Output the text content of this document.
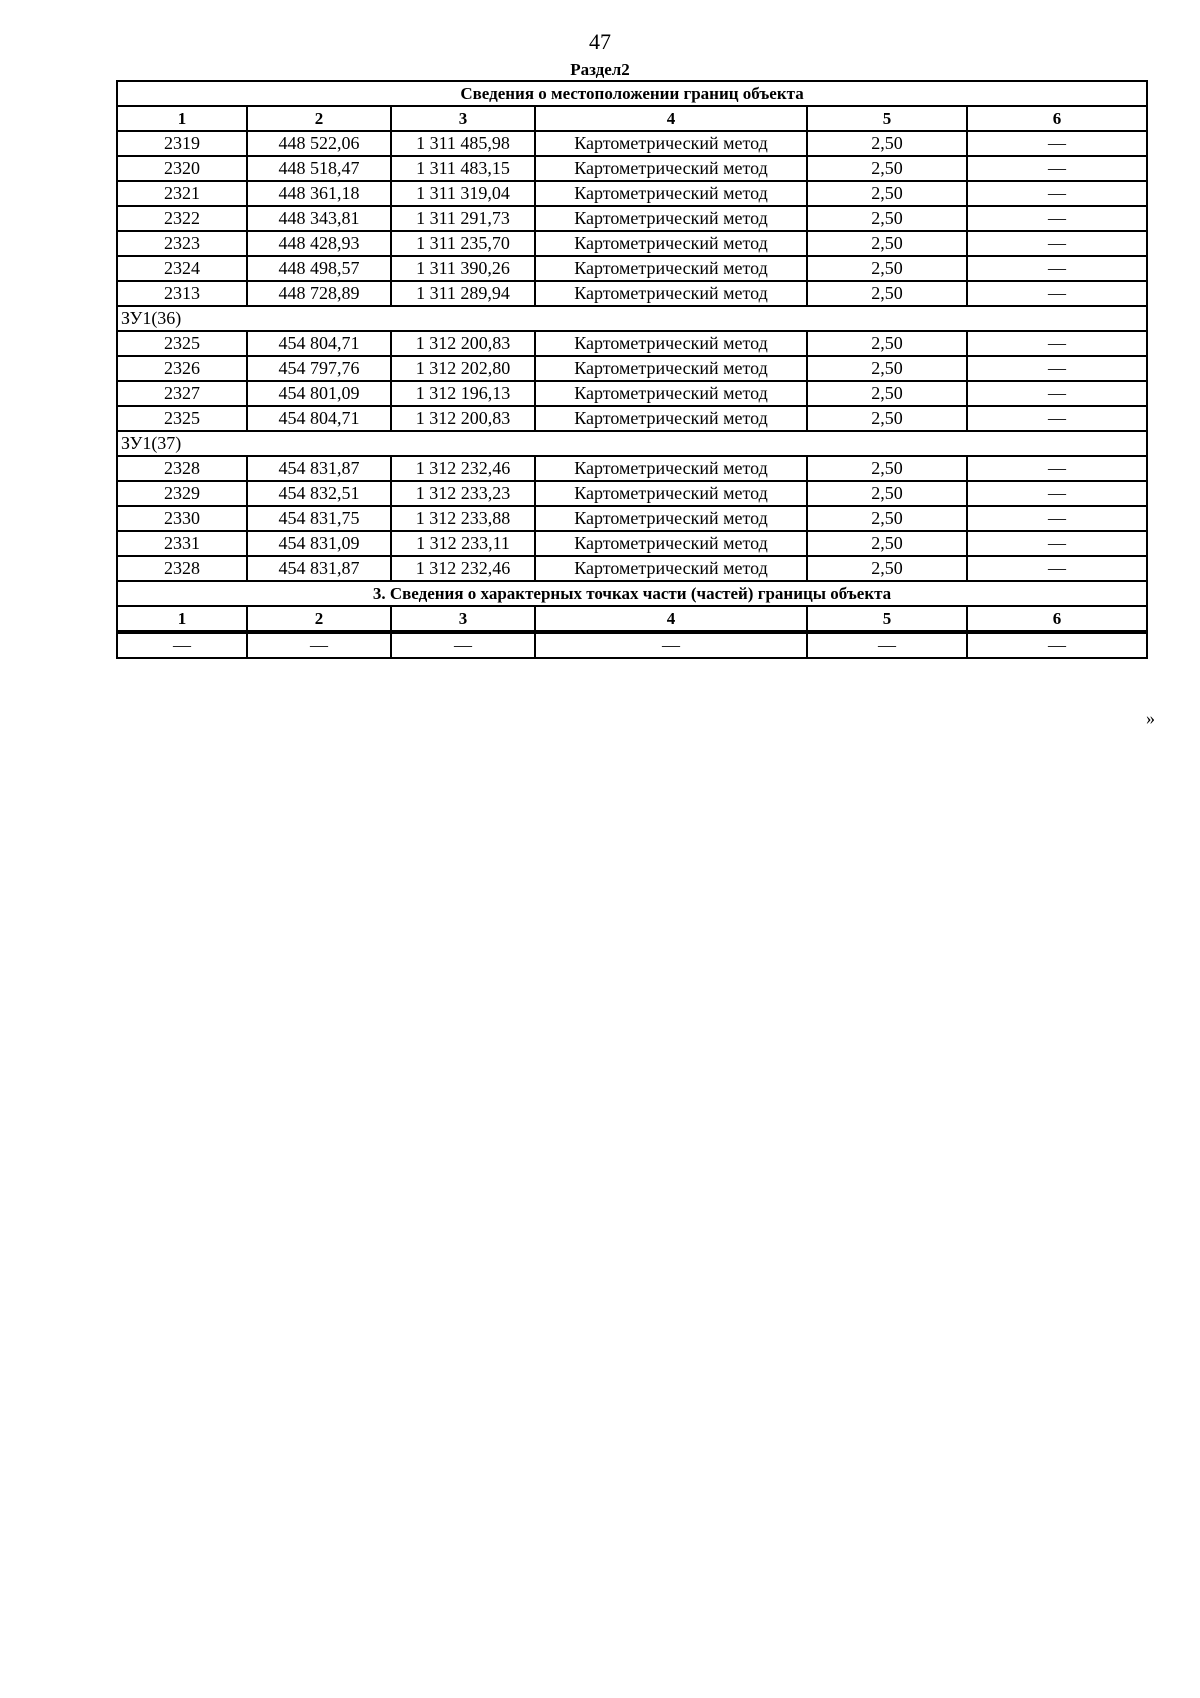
47
Раздел2
Сведения о местоположении границ объекта					
1	2	3	4	5	6
2319	448 522,06	1 311 485,98	Картометрический метод	2,50	—
2320	448 518,47	1 311 483,15	Картометрический метод	2,50	—
2321	448 361,18	1 311 319,04	Картометрический метод	2,50	—
2322	448 343,81	1 311 291,73	Картометрический метод	2,50	—
2323	448 428,93	1 311 235,70	Картометрический метод	2,50	—
2324	448 498,57	1 311 390,26	Картометрический метод	2,50	—
2313	448 728,89	1 311 289,94	Картометрический метод	2,50	—
ЗУ1(36)					
2325	454 804,71	1 312 200,83	Картометрический метод	2,50	—
2326	454 797,76	1 312 202,80	Картометрический метод	2,50	—
2327	454 801,09	1 312 196,13	Картометрический метод	2,50	—
2325	454 804,71	1 312 200,83	Картометрический метод	2,50	—
ЗУ1(37)					
2328	454 831,87	1 312 232,46	Картометрический метод	2,50	—
2329	454 832,51	1 312 233,23	Картометрический метод	2,50	—
2330	454 831,75	1 312 233,88	Картометрический метод	2,50	—
2331	454 831,09	1 312 233,11	Картометрический метод	2,50	—
2328	454 831,87	1 312 232,46	Картометрический метод	2,50	—
3. Сведения о характерных точках части (частей) границы объекта					
1	2	3	4	5	6
—	—	—	—	—	—
»
